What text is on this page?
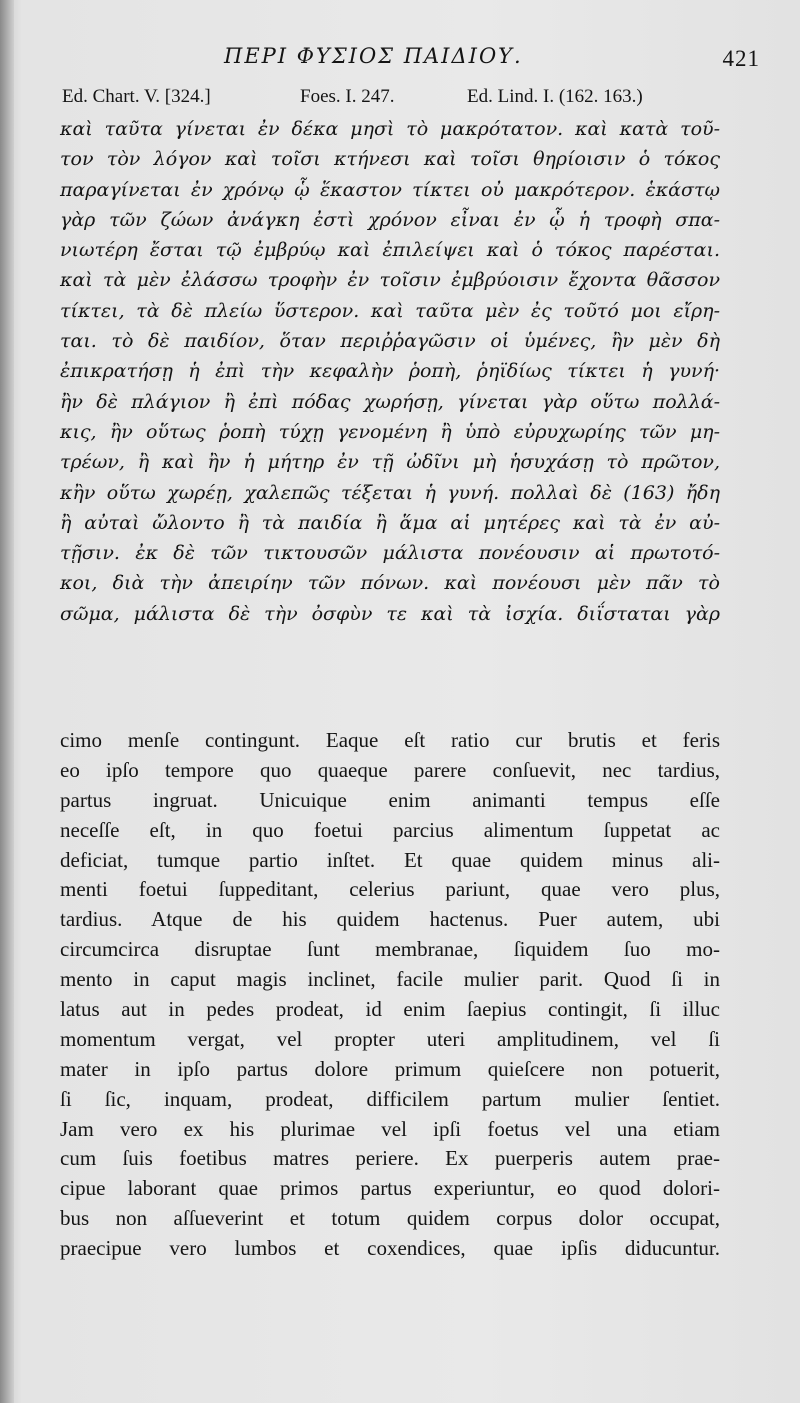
ΠΕΡΙ ΦΥΣΙΟΣ ΠΑΙΔΙΟΥ.	421
Ed. Chart. V. [324.]	Foes. I. 247.	Ed. Lind. I. (162. 163.)
καὶ ταῦτα γίνεται ἐν δέκα μησὶ τὸ μακρότατον. καὶ κατὰ τοῦ-
τον τὸν λόγον καὶ τοῖσι κτήνεσι καὶ τοῖσι θηρίοισιν ὁ τόκος
παραγίνεται ἐν χρόνῳ ᾧ ἕκαστον τίκτει οὐ μακρότερον. ἑκάστῳ
γὰρ τῶν ζώων ἀνάγκη ἐστὶ χρόνον εἶναι ἐν ᾧ ἡ τροφὴ σπα-
νιωτέρη ἔσται τῷ ἐμβρύῳ καὶ ἐπιλείψει καὶ ὁ τόκος παρέσται.
καὶ τὰ μὲν ἐλάσσω τροφὴν ἐν τοῖσιν ἐμβρύοισιν ἔχοντα θᾶσσον
τίκτει, τὰ δὲ πλείω ὕστερον. καὶ ταῦτα μὲν ἐς τοῦτό μοι εἴρη-
ται. τὸ δὲ παιδίον, ὅταν περιῤῥαγῶσιν οἱ ὑμένες, ἢν μὲν δὴ
ἐπικρατήσῃ ἡ ἐπὶ τὴν κεφαλὴν ῥοπὴ, ῥηϊδίως τίκτει ἡ γυνή·
ἢν δὲ πλάγιον ἢ ἐπὶ πόδας χωρήσῃ, γίνεται γὰρ οὕτω πολλά-
κις, ἢν οὕτως ῥοπὴ τύχῃ γενομένη ἢ ὑπὸ εὐρυχωρίης τῶν μη-
τρέων, ἢ καὶ ἢν ἡ μήτηρ ἐν τῇ ὠδῖνι μὴ ἡσυχάσῃ τὸ πρῶτον,
κἢν οὕτω χωρέῃ, χαλεπῶς τέξεται ἡ γυνή. πολλαὶ δὲ (163) ἤδη
ἢ αὐταὶ ὤλοντο ἢ τὰ παιδία ἢ ἅμα αἱ μητέρες καὶ τὰ ἐν αὐ-
τῇσιν. ἐκ δὲ τῶν τικτουσῶν μάλιστα πονέουσιν αἱ πρωτοτό-
κοι, διὰ τὴν ἀπειρίην τῶν πόνων. καὶ πονέουσι μὲν πᾶν τὸ
σῶμα, μάλιστα δὲ τὴν ὀσφὺν τε καὶ τὰ ἰσχία. διΐσταται γὰρ
cimo menſe contingunt. Eaque eſt ratio cur brutis et feris
eo ipſo tempore quo quaeque parere conſuevit, nec tardius,
partus ingruat. Unicuique enim animanti tempus eſſe
neceſſe eſt, in quo foetui parcius alimentum ſuppetat ac
deficiat, tumque partio inſtet. Et quae quidem minus ali-
menti foetui ſuppeditant, celerius pariunt, quae vero plus,
tardius. Atque de his quidem hactenus. Puer autem, ubi
circumcirca disruptae ſunt membranae, ſiquidem ſuo mo-
mento in caput magis inclinet, facile mulier parit. Quod ſi in
latus aut in pedes prodeat, id enim ſaepius contingit, ſi illuc
momentum vergat, vel propter uteri amplitudinem, vel ſi
mater in ipſo partus dolore primum quieſcere non potuerit,
ſi ſic, inquam, prodeat, difficilem partum mulier ſentiet.
Jam vero ex his plurimae vel ipſi foetus vel una etiam
cum ſuis foetibus matres periere. Ex puerperis autem prae-
cipue laborant quae primos partus experiuntur, eo quod dolori-
bus non aſſueverint et totum quidem corpus dolor occupat,
praecipue vero lumbos et coxendices, quae ipſis diducuntur.
